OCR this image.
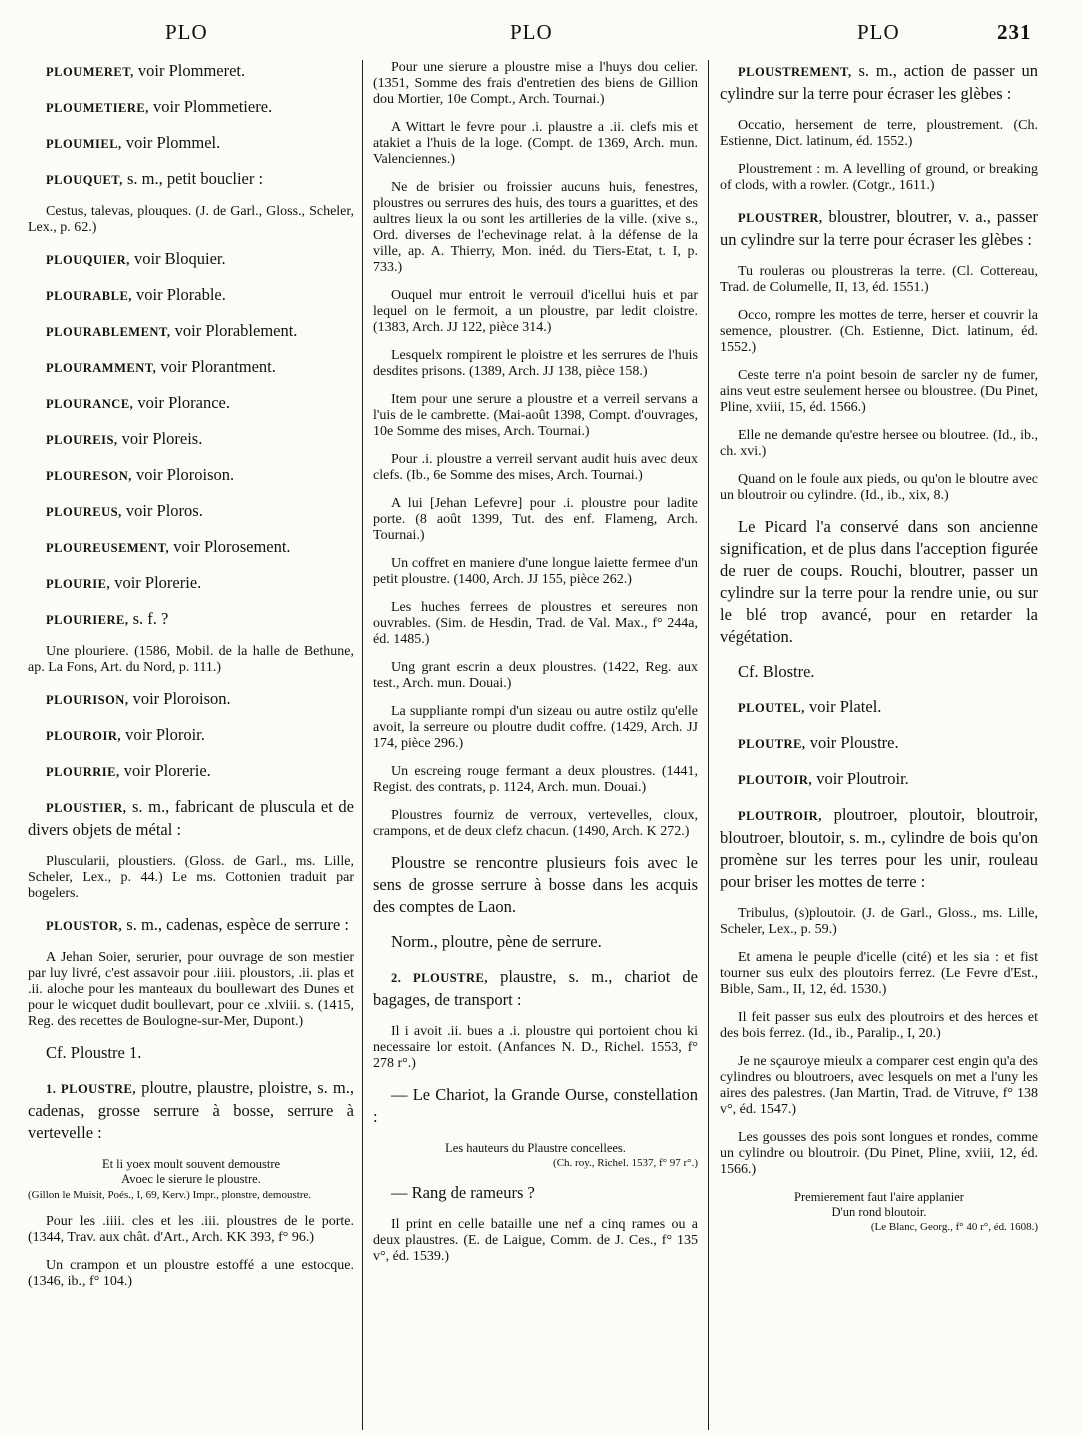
PLO	PLO	PLO	231

PLOUMERET, voir Plommeret.

PLOUMETIERE, voir Plommetiere.

PLOUMIEL, voir Plommel.

PLOUQUET, s. m., petit bouclier :

Cestus, talevas, plouques. (J. de Garl., Gloss., Scheler, Lex., p. 62.)

PLOUQUIER, voir Bloquier.

PLOURABLE, voir Plorable.

PLOURABLEMENT, voir Plorablement.

PLOURAMMENT, voir Plorantment.

PLOURANCE, voir Plorance.

PLOUREIS, voir Ploreis.

PLOURESON, voir Ploroison.

PLOUREUS, voir Ploros.

PLOUREUSEMENT, voir Plorosement.

PLOURIE, voir Plorerie.

PLOURIERE, s. f. ?

Une plouriere. (1586, Mobil. de la halle de Bethune, ap. La Fons, Art. du Nord, p. 111.)

PLOURISON, voir Ploroison.

PLOUROIR, voir Ploroir.

PLOURRIE, voir Plorerie.

PLOUSTIER, s. m., fabricant de pluscula et de divers objets de métal :

Pluscularii, ploustiers. (Gloss. de Garl., ms. Lille, Scheler, Lex., p. 44.) Le ms. Cottonien traduit par bogelers.

PLOUSTOR, s. m., cadenas, espèce de serrure :

A Jehan Soier, serurier, pour ouvrage de son mestier par luy livré, c'est assavoir pour .iiii. ploustors, .ii. plas et .ii. aloche pour les manteaux du boullewart des Dunes et pour le wicquet dudit boullevart, pour ce .xlviii. s. (1415, Reg. des recettes de Boulogne-sur-Mer, Dupont.)

Cf. Ploustre 1.

1. PLOUSTRE, ploutre, plaustre, ploistre, s. m., cadenas, grosse serrure à bosse, serrure à vertevelle :

Et li yoex moult souvent demoustre

Avoec le sierure le ploustre.

(Gillon le Muisit, Poés., I, 69, Kerv.) Impr., plonstre, demoustre.

Pour les .iiii. cles et les .iii. ploustres de le porte. (1344, Trav. aux chât. d'Art., Arch. KK 393, f° 96.)

Un crampon et un ploustre estoffé a une estocque. (1346, ib., f° 104.)

Pour une sierure a ploustre mise a l'huys dou celier. (1351, Somme des frais d'entretien des biens de Gillion dou Mortier, 10e Compt., Arch. Tournai.)

A Wittart le fevre pour .i. plaustre a .ii. clefs mis et atakiet a l'huis de la loge. (Compt. de 1369, Arch. mun. Valenciennes.)

Ne de brisier ou froissier aucuns huis, fenestres, ploustres ou serrures des huis, des tours a guarittes, et des aultres lieux la ou sont les artilleries de la ville. (xive s., Ord. diverses de l'echevinage relat. à la défense de la ville, ap. A. Thierry, Mon. inéd. du Tiers-Etat, t. I, p. 733.)

Ouquel mur entroit le verrouil d'icellui huis et par lequel on le fermoit, a un ploustre, par ledit cloistre. (1383, Arch. JJ 122, pièce 314.)

Lesquelx rompirent le ploistre et les serrures de l'huis desdites prisons. (1389, Arch. JJ 138, pièce 158.)

Item pour une serure a ploustre et a verreil servans a l'uis de le cambrette. (Mai-août 1398, Compt. d'ouvrages, 10e Somme des mises, Arch. Tournai.)

Pour .i. ploustre a verreil servant audit huis avec deux clefs. (Ib., 6e Somme des mises, Arch. Tournai.)

A lui [Jehan Lefevre] pour .i. ploustre pour ladite porte. (8 août 1399, Tut. des enf. Flameng, Arch. Tournai.)

Un coffret en maniere d'une longue laiette fermee d'un petit ploustre. (1400, Arch. JJ 155, pièce 262.)

Les huches ferrees de ploustres et sereures non ouvrables. (Sim. de Hesdin, Trad. de Val. Max., f° 244a, éd. 1485.)

Ung grant escrin a deux ploustres. (1422, Reg. aux test., Arch. mun. Douai.)

La suppliante rompi d'un sizeau ou autre ostilz qu'elle avoit, la serreure ou ploutre dudit coffre. (1429, Arch. JJ 174, pièce 296.)

Un escreing rouge fermant a deux ploustres. (1441, Regist. des contrats, p. 1124, Arch. mun. Douai.)

Ploustres fourniz de verroux, vertevelles, cloux, crampons, et de deux clefz chacun. (1490, Arch. K 272.)

Ploustre se rencontre plusieurs fois avec le sens de grosse serrure à bosse dans les acquis des comptes de Laon.

Norm., ploutre, pène de serrure.

2. PLOUSTRE, plaustre, s. m., chariot de bagages, de transport :

Il i avoit .ii. bues a .i. ploustre qui portoient chou ki necessaire lor estoit. (Anfances N. D., Richel. 1553, f° 278 r°.)

— Le Chariot, la Grande Ourse, constellation :

Les hauteurs du Plaustre concellees.

(Ch. roy., Richel. 1537, f° 97 r°.)

— Rang de rameurs ?

Il print en celle bataille une nef a cinq rames ou a deux plaustres. (E. de Laigue, Comm. de J. Ces., f° 135 v°, éd. 1539.)

PLOUSTREMENT, s. m., action de passer un cylindre sur la terre pour écraser les glèbes :

Occatio, hersement de terre, ploustrement. (Ch. Estienne, Dict. latinum, éd. 1552.)

Ploustrement : m. A levelling of ground, or breaking of clods, with a rowler. (Cotgr., 1611.)

PLOUSTRER, bloustrer, bloutrer, v. a., passer un cylindre sur la terre pour écraser les glèbes :

Tu rouleras ou ploustreras la terre. (Cl. Cottereau, Trad. de Columelle, II, 13, éd. 1551.)

Occo, rompre les mottes de terre, herser et couvrir la semence, ploustrer. (Ch. Estienne, Dict. latinum, éd. 1552.)

Ceste terre n'a point besoin de sarcler ny de fumer, ains veut estre seulement hersee ou bloustree. (Du Pinet, Pline, xviii, 15, éd. 1566.)

Elle ne demande qu'estre hersee ou bloutree. (Id., ib., ch. xvi.)

Quand on le foule aux pieds, ou qu'on le bloutre avec un bloutroir ou cylindre. (Id., ib., xix, 8.)

Le Picard l'a conservé dans son ancienne signification, et de plus dans l'acception figurée de ruer de coups. Rouchi, bloutrer, passer un cylindre sur la terre pour la rendre unie, ou sur le blé trop avancé, pour en retarder la végétation.

Cf. Blostre.

PLOUTEL, voir Platel.

PLOUTRE, voir Ploustre.

PLOUTOIR, voir Ploutroir.

PLOUTROIR, ploutroer, ploutoir, bloutroir, bloutroer, bloutoir, s. m., cylindre de bois qu'on promène sur les terres pour les unir, rouleau pour briser les mottes de terre :

Tribulus, (s)ploutoir. (J. de Garl., Gloss., ms. Lille, Scheler, Lex., p. 59.)

Et amena le peuple d'icelle (cité) et les sia : et fist tourner sus eulx des ploutoirs ferrez. (Le Fevre d'Est., Bible, Sam., II, 12, éd. 1530.)

Il feit passer sus eulx des ploutroirs et des herces et des bois ferrez. (Id., ib., Paralip., I, 20.)

Je ne sçauroye mieulx a comparer cest engin qu'a des cylindres ou bloutroers, avec lesquels on met a l'uny les aires des palestres. (Jan Martin, Trad. de Vitruve, f° 138 v°, éd. 1547.)

Les gousses des pois sont longues et rondes, comme un cylindre ou bloutroir. (Du Pinet, Pline, xviii, 12, éd. 1566.)

Premierement faut l'aire applanier

D'un rond bloutoir.

(Le Blanc, Georg., f° 40 r°, éd. 1608.)
